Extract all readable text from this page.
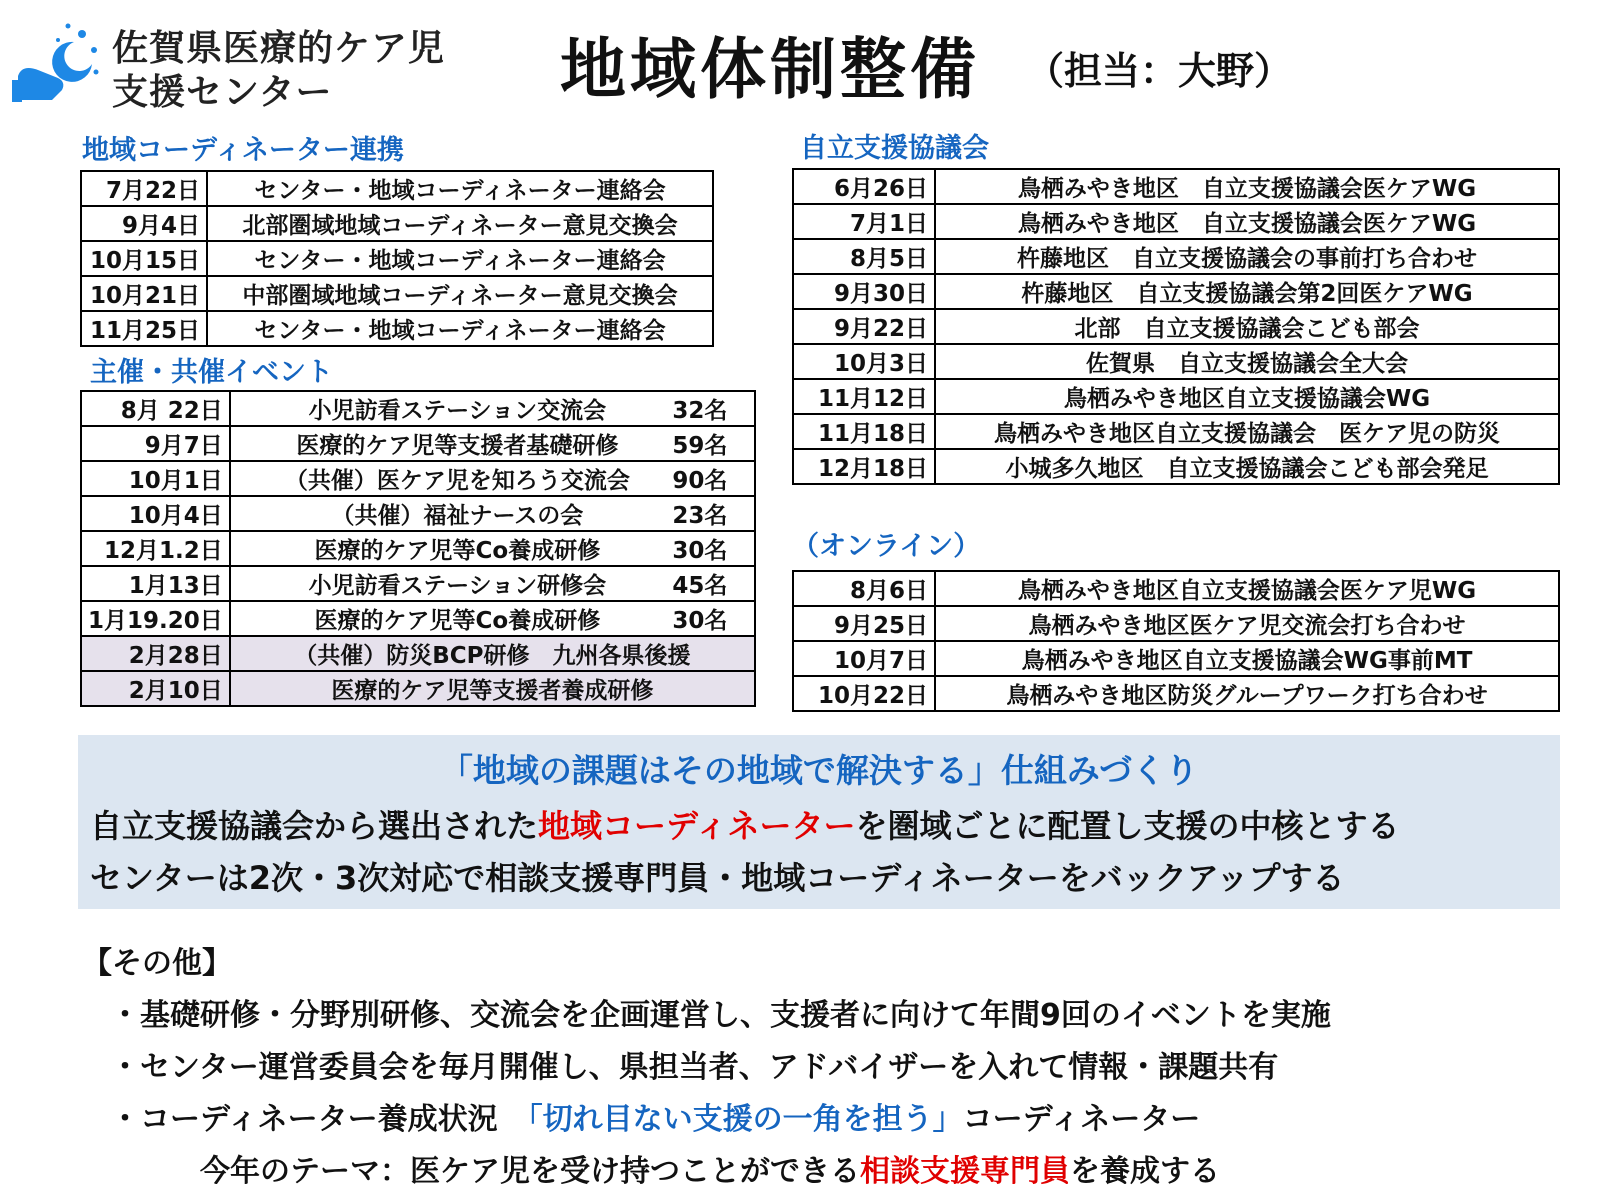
佐賀県医療的ケア児
支援センター	地域体制整備 （担当：大野）
地域コーディネーター連携
7月22日	センター・地域コーディネーター連絡会
9月4日	北部圏域地域コーディネーター意見交換会
10月15日	センター・地域コーディネーター連絡会
10月21日	中部圏域地域コーディネーター意見交換会
11月25日	センター・地域コーディネーター連絡会
主催・共催イベント
8月 22日	小児訪看ステーション交流会 32名
9月7日	医療的ケア児等支援者基礎研修 59名
10月1日	（共催）医ケア児を知ろう交流会 90名
10月4日	（共催）福祉ナースの会 23名
12月1.2日	医療的ケア児等Co養成研修 30名
1月13日	小児訪看ステーション研修会 45名
1月19.20日	医療的ケア児等Co養成研修 30名
2月28日	（共催）防災BCP研修　九州各県後援
2月10日	医療的ケア児等支援者養成研修
自立支援協議会
6月26日	鳥栖みやき地区　自立支援協議会医ケアWG
7月1日	鳥栖みやき地区　自立支援協議会医ケアWG
8月5日	杵藤地区　自立支援協議会の事前打ち合わせ
9月30日	杵藤地区　自立支援協議会第2回医ケアWG
9月22日	北部　自立支援協議会こども部会
10月3日	佐賀県　自立支援協議会全大会
11月12日	鳥栖みやき地区自立支援協議会WG
11月18日	鳥栖みやき地区自立支援協議会　医ケア児の防災
12月18日	小城多久地区　自立支援協議会こども部会発足
（オンライン）
8月6日	鳥栖みやき地区自立支援協議会医ケア児WG
9月25日	鳥栖みやき地区医ケア児交流会打ち合わせ
10月7日	鳥栖みやき地区自立支援協議会WG事前MT
10月22日	鳥栖みやき地区防災グループワーク打ち合わせ
「地域の課題はその地域で解決する」仕組みづくり
自立支援協議会から選出された地域コーディネーターを圏域ごとに配置し支援の中核とする
センターは2次・3次対応で相談支援専門員・地域コーディネーターをバックアップする
【その他】
・基礎研修・分野別研修、交流会を企画運営し、支援者に向けて年間9回のイベントを実施
・センター運営委員会を毎月開催し、県担当者、アドバイザーを入れて情報・課題共有
・コーディネーター養成状況　「切れ目ない支援の一角を担う」コーディネーター
今年のテーマ：医ケア児を受け持つことができる相談支援専門員を養成する
